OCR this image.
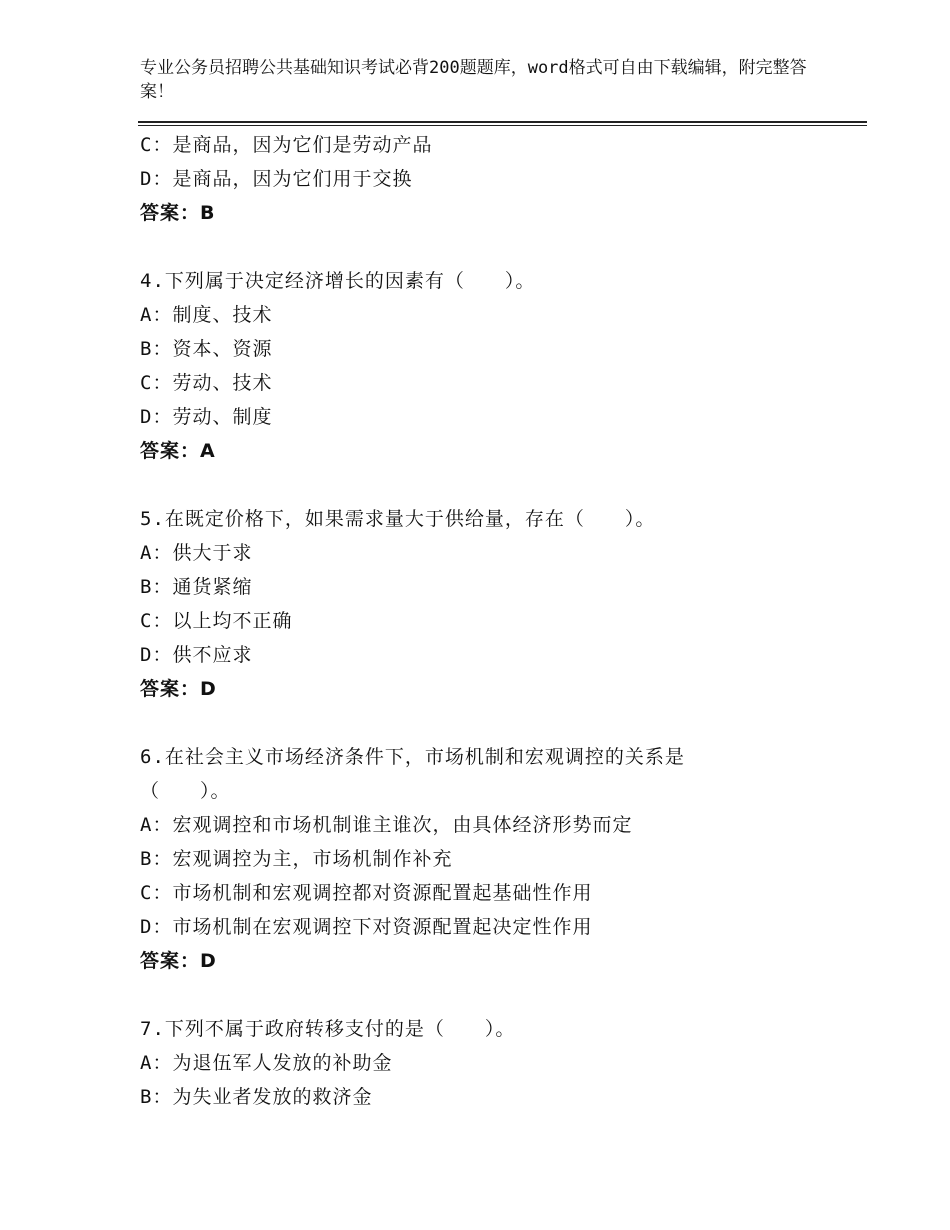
专业公务员招聘公共基础知识考试必背200题题库，word格式可自由下载编辑，附完整答案！
C：是商品，因为它们是劳动产品
D：是商品，因为它们用于交换
答案：B
4.下列属于决定经济增长的因素有（　　）。
A：制度、技术
B：资本、资源
C：劳动、技术
D：劳动、制度
答案：A
5.在既定价格下，如果需求量大于供给量，存在（　　）。
A：供大于求
B：通货紧缩
C：以上均不正确
D：供不应求
答案：D
6.在社会主义市场经济条件下，市场机制和宏观调控的关系是
（　　）。
A：宏观调控和市场机制谁主谁次，由具体经济形势而定
B：宏观调控为主，市场机制作补充
C：市场机制和宏观调控都对资源配置起基础性作用
D：市场机制在宏观调控下对资源配置起决定性作用
答案：D
7.下列不属于政府转移支付的是（　　）。
A：为退伍军人发放的补助金
B：为失业者发放的救济金
